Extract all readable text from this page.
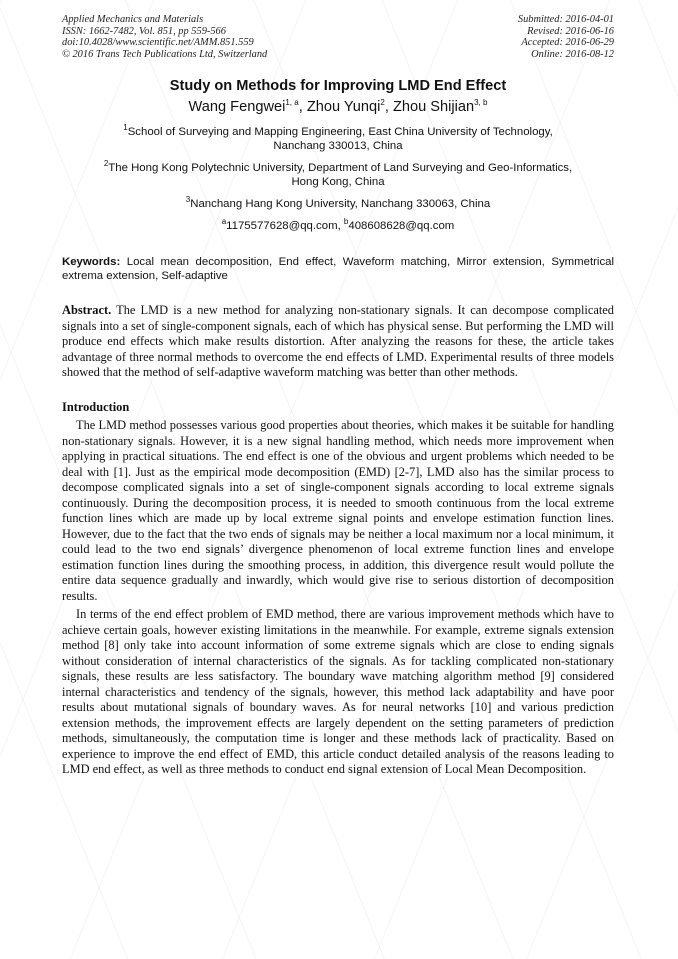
Applied Mechanics and Materials
ISSN: 1662-7482, Vol. 851, pp 559-566
doi:10.4028/www.scientific.net/AMM.851.559
© 2016 Trans Tech Publications Ltd, Switzerland
Submitted: 2016-04-01
Revised: 2016-06-16
Accepted: 2016-06-29
Online: 2016-08-12
Study on Methods for Improving LMD End Effect
Wang Fengwei$^{1, a}$, Zhou Yunqi$^2$, Zhou Shijian$^{3, b}$
$^1$School of Surveying and Mapping Engineering, East China University of Technology,
Nanchang 330013, China
$^2$The Hong Kong Polytechnic University, Department of Land Surveying and Geo-Informatics,
Hong Kong, China
$^3$Nanchang Hang Kong University, Nanchang 330063, China
$^a$1175577628@qq.com, $^b$408608628@qq.com
Keywords: Local mean decomposition, End effect, Waveform matching, Mirror extension, Symmetrical extrema extension, Self-adaptive
Abstract. The LMD is a new method for analyzing non-stationary signals. It can decompose complicated signals into a set of single-component signals, each of which has physical sense. But performing the LMD will produce end effects which make results distortion. After analyzing the reasons for these, the article takes advantage of three normal methods to overcome the end effects of LMD. Experimental results of three models showed that the method of self-adaptive waveform matching was better than other methods.
Introduction

The LMD method possesses various good properties about theories, which makes it be suitable for handling non-stationary signals. However, it is a new signal handling method, which needs more improvement when applying in practical situations. The end effect is one of the obvious and urgent problems which needed to be deal with [1]. Just as the empirical mode decomposition (EMD) [2-7], LMD also has the similar process to decompose complicated signals into a set of single-component signals according to local extreme signals continuously. During the decomposition process, it is needed to smooth continuous from the local extreme function lines which are made up by local extreme signal points and envelope estimation function lines. However, due to the fact that the two ends of signals may be neither a local maximum nor a local minimum, it could lead to the two end signals’ divergence phenomenon of local extreme function lines and envelope estimation function lines during the smoothing process, in addition, this divergence result would pollute the entire data sequence gradually and inwardly, which would give rise to serious distortion of decomposition results.

In terms of the end effect problem of EMD method, there are various improvement methods which have to achieve certain goals, however existing limitations in the meanwhile. For example, extreme signals extension method [8] only take into account information of some extreme signals which are close to ending signals without consideration of internal characteristics of the signals. As for tackling complicated non-stationary signals, these results are less satisfactory. The boundary wave matching algorithm method [9] considered internal characteristics and tendency of the signals, however, this method lack adaptability and have poor results about mutational signals of boundary waves. As for neural networks [10] and various prediction extension methods, the improvement effects are largely dependent on the setting parameters of prediction methods, simultaneously, the computation time is longer and these methods lack of practicality. Based on experience to improve the end effect of EMD, this article conduct detailed analysis of the reasons leading to LMD end effect, as well as three methods to conduct end signal extension of Local Mean Decomposition.
